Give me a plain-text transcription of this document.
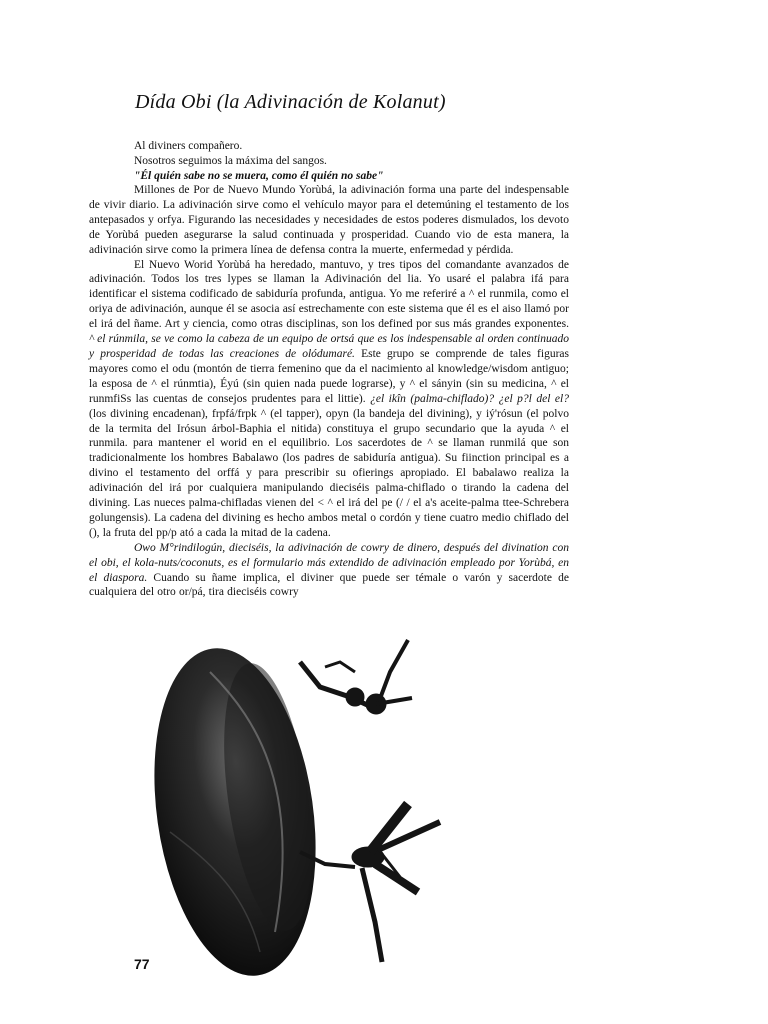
Dída Obi (la Adivinación de Kolanut)
Al diviners compañero.
Nosotros seguimos la máxima del sangos.
"Él quién sabe no se muera, como él quién no sabe"

Millones de Por de Nuevo Mundo Yorùbá, la adivinación forma una parte del indespensable de vivir diario. La adivinación sirve como el vehículo mayor para el detemúning el testamento de los antepasados y orfya. Figurando las necesidades y necesidades de estos poderes dismulados, los devoto de Yorùbá pueden asegurarse la salud continuada y prosperidad. Cuando vio de esta manera, la adivinación sirve como la primera línea de defensa contra la muerte, enfermedad y pérdida.

El Nuevo Worid Yorùbá ha heredado, mantuvo, y tres tipos del comandante avanzados de adivinación. Todos los tres lypes se llaman la Adivinación del lia. Yo usaré el palabra ifá para identificar el sistema codificado de sabiduría profunda, antigua. Yo me referiré a ^ el runmila, como el oriya de adivinación, aunque él se asocia así estrechamente con este sistema que él es el aiso llamó por el irá del ñame. Art y ciencia, como otras disciplinas, son los defined por sus más grandes exponentes. ^ el rúnmila, se ve como la cabeza de un equipo de ortsá que es los indespensable al orden continuado y prosperidad de todas las creaciones de olódumaré. Este grupo se comprende de tales figuras mayores como el odu (montón de tierra femenino que da el nacimiento al knowledge/wisdom antiguo; la esposa de ^ el rúnmtia), Éyú (sin quien nada puede lograrse), y ^ el sányin (sin su medicina, ^ el runmfiSs las cuentas de consejos prudentes para el littie). ¿el ikîn (palma-chiflado)? ¿el p?l del el? (los divining encadenan), frpfá/frpk ^ (el tapper), opyn (la bandeja del divining), y iý'rósun (el polvo de la termita del Irósun árbol-Baphia el nitida) constituya el grupo secundario que la ayuda ^ el runmila. para mantener el worid en el equilibrio. Los sacerdotes de ^ se llaman runmilá que son tradicionalmente los hombres Babalawo (los padres de sabiduría antigua). Su fiinction principal es a divino el testamento del orffá y para prescribir su ofierings apropiado. El babalawo realiza la adivinación del irá por cualquiera manipulando dieciséis palma-chiflado o tirando la cadena del divining. Las nueces palma-chifladas vienen del < ^ el irá del pe (/ / el a's aceite-palma ttee-Schrebera golungensis). La cadena del divining es hecho ambos metal o cordón y tiene cuatro medio chiflado del (), la fruta del pp/p ató a cada la mitad de la cadena.

Owo M°rindilogún, dieciséis, la adivinación de cowry de dinero, después del divination con el obi, el kola-nuts/coconuts, es el formulario más extendido de adivinación empleado por Yorùbá, en el diaspora. Cuando su ñame implica, el diviner que puede ser témale o varón y sacerdote de cualquiera del otro or/pá, tira dieciséis cowry

77
